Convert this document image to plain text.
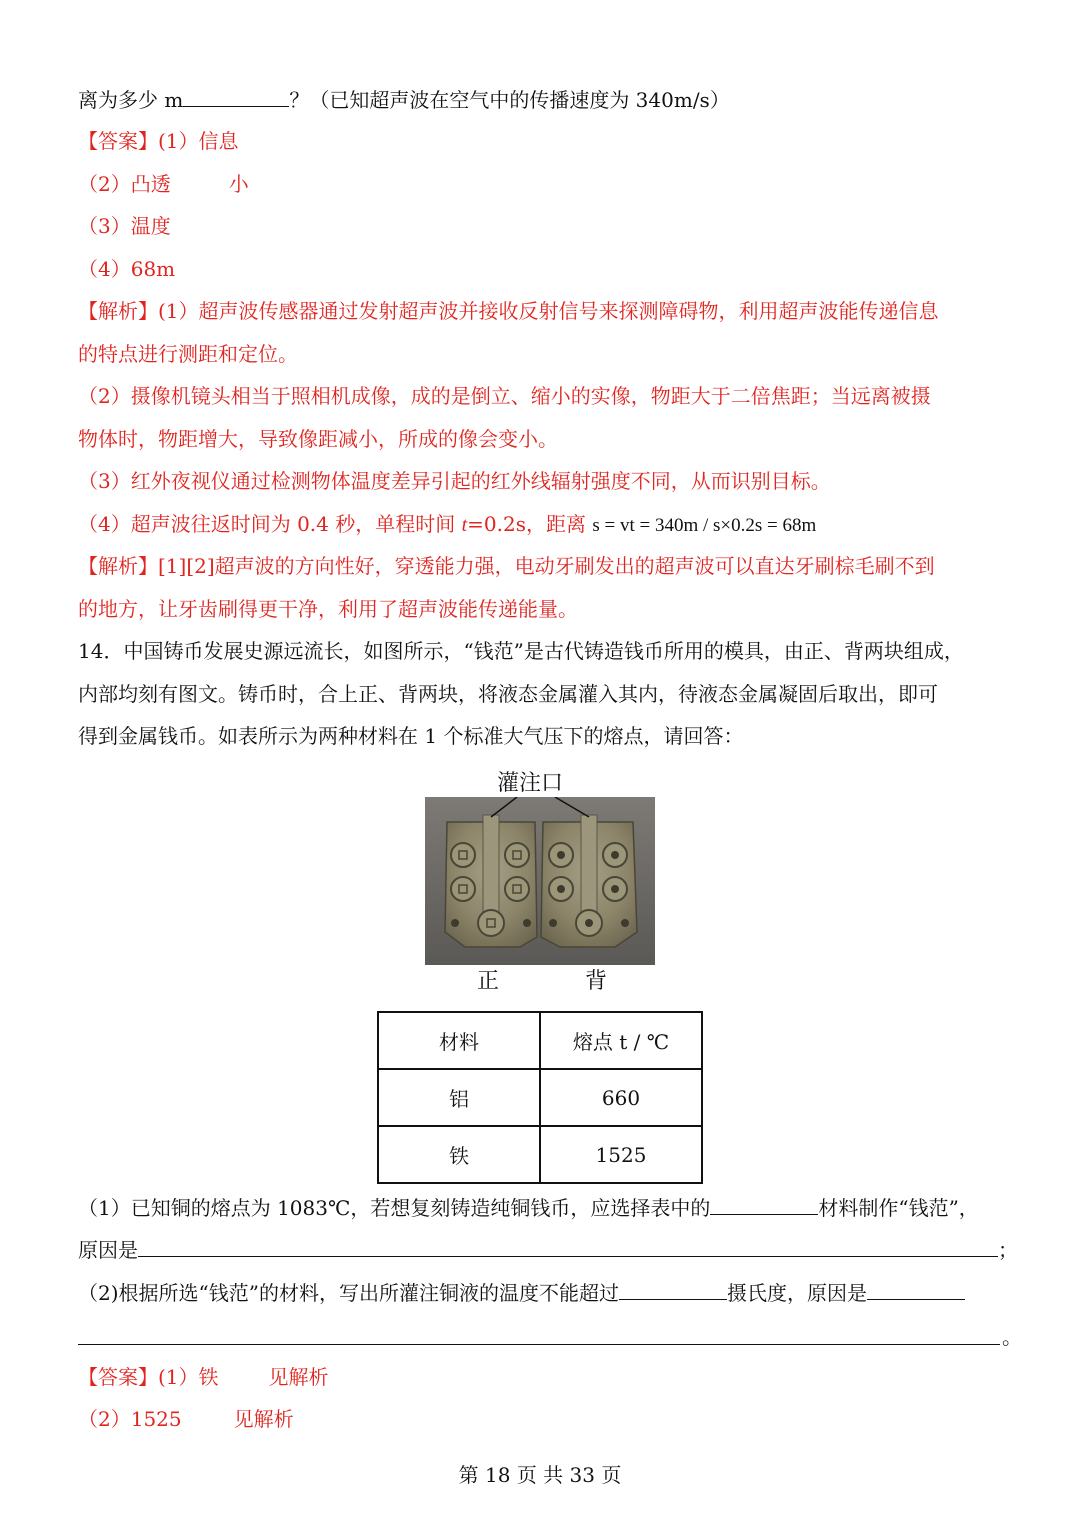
离为多少 m	？（已知超声波在空气中的传播速度为 340m/s）
【答案】(1）信息
（2）凸透	小
（3）温度
（4）68m
【解析】(1）超声波传感器通过发射超声波并接收反射信号来探测障碍物，利用超声波能传递信息
的特点进行测距和定位。
（2）摄像机镜头相当于照相机成像，成的是倒立、缩小的实像，物距大于二倍焦距；当远离被摄
物体时，物距增大，导致像距减小，所成的像会变小。
（3）红外夜视仪通过检测物体温度差异引起的红外线辐射强度不同，从而识别目标。
（4）超声波往返时间为 0.4 秒，单程时间 t=0.2s，距离 s = vt = 340m / s×0.2s = 68m
【解析】[1][2]超声波的方向性好，穿透能力强，电动牙刷发出的超声波可以直达牙刷棕毛刷不到
的地方，让牙齿刷得更干净，利用了超声波能传递能量。
14．中国铸币发展史源远流长，如图所示，“钱范”是古代铸造钱币所用的模具，由正、背两块组成，
内部均刻有图文。铸币时，合上正、背两块，将液态金属灌入其内，待液态金属凝固后取出，即可
得到金属钱币。如表所示为两种材料在 1 个标准大气压下的熔点，请回答：
灌注口
正	背
材料	熔点 t / ℃
铝	660
铁	1525
（1）已知铜的熔点为 1083℃，若想复刻铸造纯铜钱币，应选择表中的	材料制作“钱范”，
原因是	；
（2)根据所选“钱范”的材料，写出所灌注铜液的温度不能超过	摄氏度，原因是
。
【答案】(1）铁	见解析
（2）1525	见解析
第 18 页 共 33 页
